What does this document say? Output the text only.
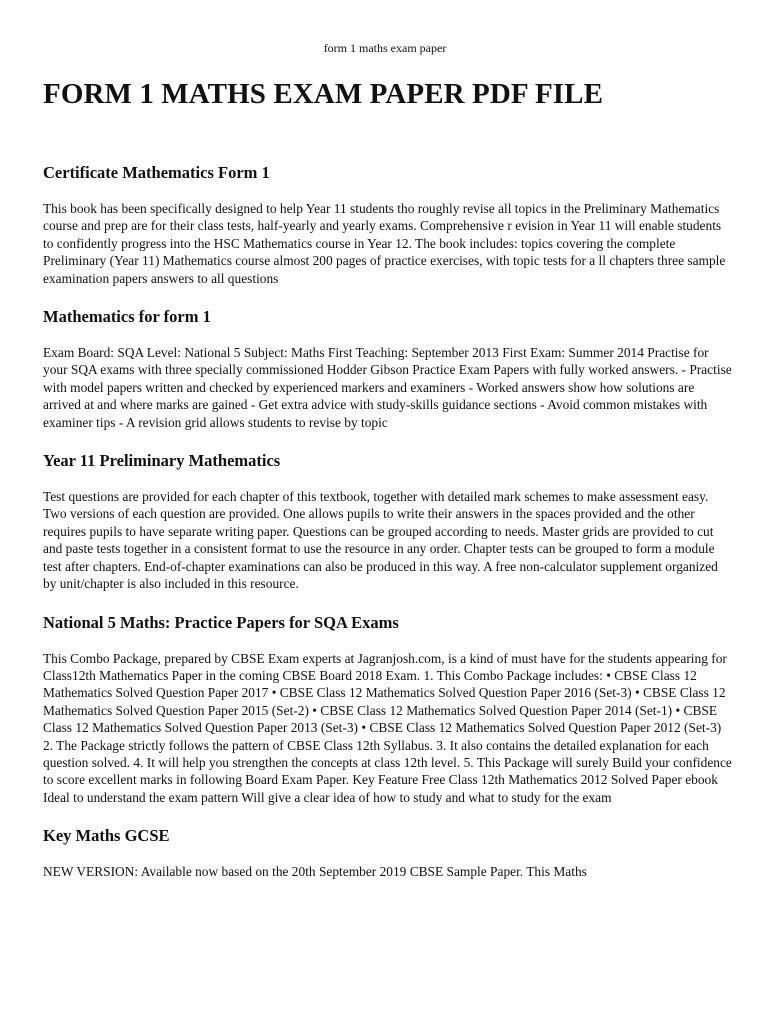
form 1 maths exam paper
FORM 1 MATHS EXAM PAPER PDF FILE
Certificate Mathematics Form 1

This book has been specifically designed to help Year 11 students tho roughly revise all topics in the Preliminary Mathematics course and prep are for their class tests, half-yearly and yearly exams. Comprehensive r evision in Year 11 will enable students to confidently progress into the HSC Mathematics course in Year 12. The book includes: topics covering the complete Preliminary (Year 11) Mathematics course almost 200 pages of practice exercises, with topic tests for a ll chapters three sample examination papers answers to all questions

Mathematics for form 1

Exam Board: SQA Level: National 5 Subject: Maths First Teaching: September 2013 First Exam: Summer 2014 Practise for your SQA exams with three specially commissioned Hodder Gibson Practice Exam Papers with fully worked answers. - Practise with model papers written and checked by experienced markers and examiners - Worked answers show how solutions are arrived at and where marks are gained - Get extra advice with study-skills guidance sections - Avoid common mistakes with examiner tips - A revision grid allows students to revise by topic

Year 11 Preliminary Mathematics

Test questions are provided for each chapter of this textbook, together with detailed mark schemes to make assessment easy. Two versions of each question are provided. One allows pupils to write their answers in the spaces provided and the other requires pupils to have separate writing paper. Questions can be grouped according to needs. Master grids are provided to cut and paste tests together in a consistent format to use the resource in any order. Chapter tests can be grouped to form a module test after chapters. End-of-chapter examinations can also be produced in this way. A free non-calculator supplement organized by unit/chapter is also included in this resource.

National 5 Maths: Practice Papers for SQA Exams

This Combo Package, prepared by CBSE Exam experts at Jagranjosh.com, is a kind of must have for the students appearing for Class12th Mathematics Paper in the coming CBSE Board 2018 Exam. 1. This Combo Package includes: • CBSE Class 12 Mathematics Solved Question Paper 2017 • CBSE Class 12 Mathematics Solved Question Paper 2016 (Set-3) • CBSE Class 12 Mathematics Solved Question Paper 2015 (Set-2) • CBSE Class 12 Mathematics Solved Question Paper 2014 (Set-1) • CBSE Class 12 Mathematics Solved Question Paper 2013 (Set-3) • CBSE Class 12 Mathematics Solved Question Paper 2012 (Set-3) 2. The Package strictly follows the pattern of CBSE Class 12th Syllabus. 3. It also contains the detailed explanation for each question solved. 4. It will help you strengthen the concepts at class 12th level. 5. This Package will surely Build your confidence to score excellent marks in following Board Exam Paper. Key Feature Free Class 12th Mathematics 2012 Solved Paper ebook Ideal to understand the exam pattern Will give a clear idea of how to study and what to study for the exam

Key Maths GCSE

NEW VERSION: Available now based on the 20th September 2019 CBSE Sample Paper. This Maths
